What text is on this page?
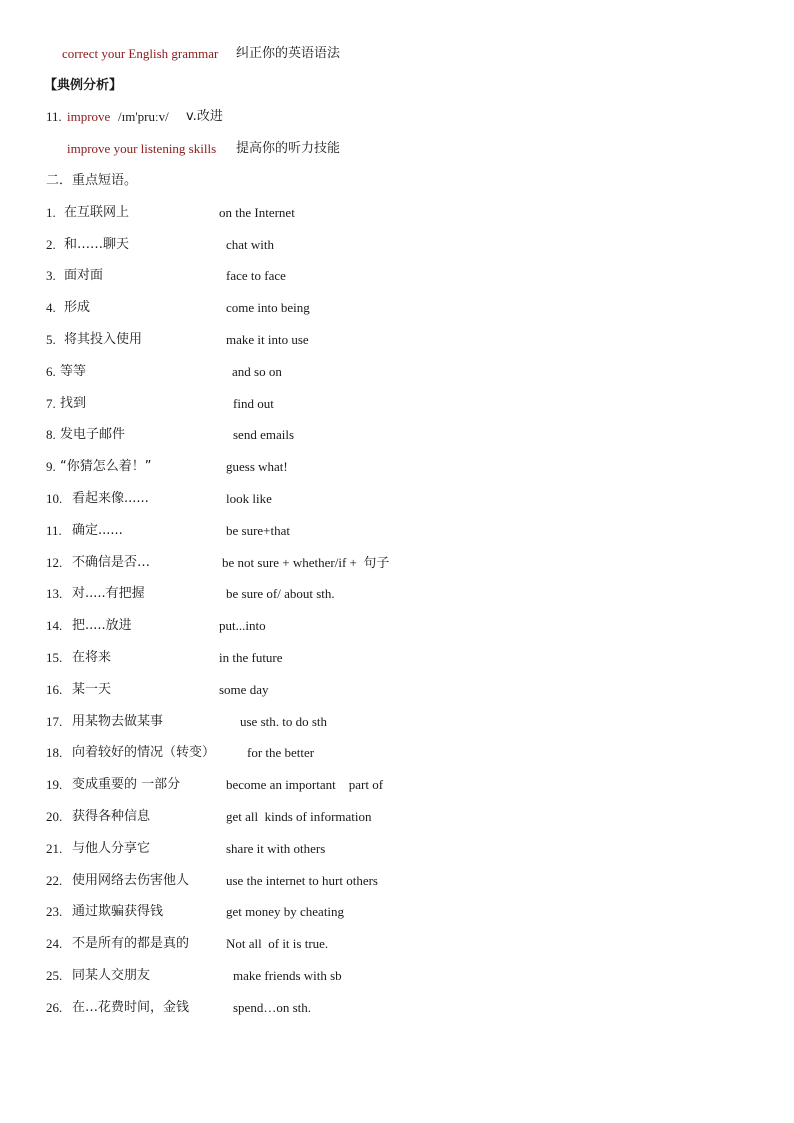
correct your English grammar 纠正你的英语语法
【典例分析】
11. improve /ɪm'pruːv/ v.改进
improve your listening skills 提高你的听力技能
二．重点短语。
1. 在互联网上	on the Internet
2. 和……聊天	chat with
3. 面对面	face to face
4. 形成	come into being
5. 将其投入使用	make it into use
6. 等等	and so on
7. 找到	find out
8. 发电子邮件	send emails
9. “你猜怎么着！”	guess what!
10. 看起来像......	look like
11. 确定......	be sure+that
12. 不确信是否…	be not sure + whether/if +  句子
13. 对.....有把握	be sure of/ about sth.
14. 把.....放进	put...into
15. 在将来	in the future
16. 某一天	some day
17. 用某物去做某事	use sth. to do sth
18. 向着较好的情况（转变） for the better
19. 变成重要的 一部分	become an important    part of
20. 获得各种信息	get all  kinds of information
21. 与他人分享它	share it with others
22. 使用网络去伤害他人	use the internet to hurt others
23. 通过欺骗获得钱	get money by cheating
24. 不是所有的都是真的	Not all  of it is true.
25. 同某人交朋友	make friends with sb
26. 在…花费时间，金钱	spend…on sth.
